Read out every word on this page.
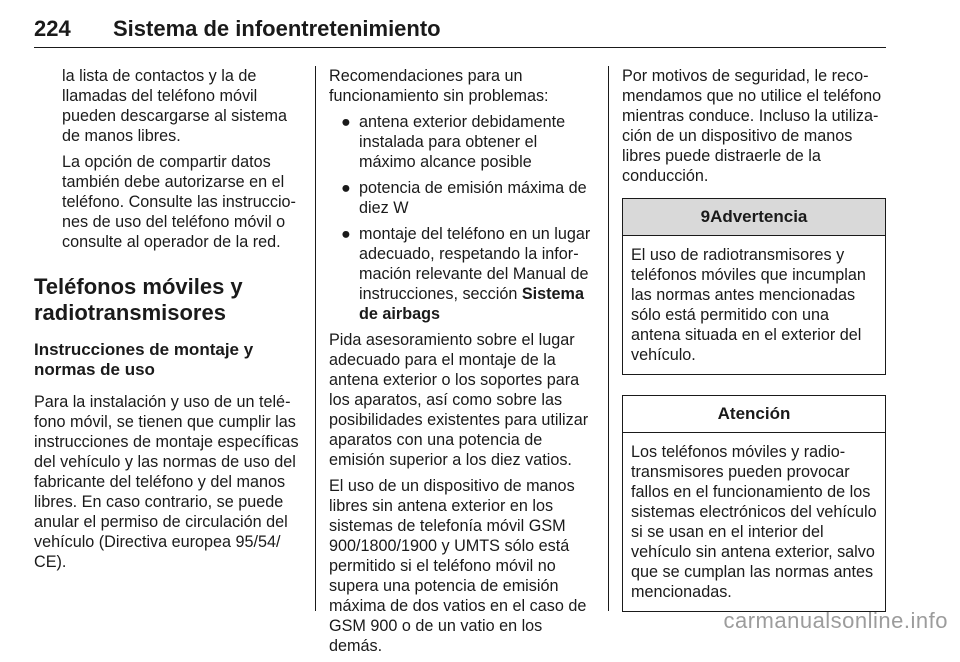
224 Sistema de infoentretenimiento

la lista de contactos y la de llamadas del teléfono móvil pueden descargarse al sistema de manos libres.

La opción de compartir datos también debe autorizarse en el teléfono. Consulte las instrucciones de uso del teléfono móvil o consulte al operador de la red.

Teléfonos móviles y radiotransmisores
Instrucciones de montaje y normas de uso

Para la instalación y uso de un teléfono móvil, se tienen que cumplir las instrucciones de montaje específicas del vehículo y las normas de uso del fabricante del teléfono y del manos libres. En caso contrario, se puede anular el permiso de circulación del vehículo (Directiva europea 95/54/ CE).

Recomendaciones para un funcionamiento sin problemas:

● antena exterior debidamente instalada para obtener el máximo alcance posible
● potencia de emisión máxima de diez W
● montaje del teléfono en un lugar adecuado, respetando la información relevante del Manual de instrucciones, sección Sistema de airbags

Pida asesoramiento sobre el lugar adecuado para el montaje de la antena exterior o los soportes para los aparatos, así como sobre las posibilidades existentes para utilizar aparatos con una potencia de emisión superior a los diez vatios.

El uso de un dispositivo de manos libres sin antena exterior en los sistemas de telefonía móvil GSM 900/1800/1900 y UMTS sólo está permitido si el teléfono móvil no supera una potencia de emisión máxima de dos vatios en el caso de GSM 900 o de un vatio en los demás.

Por motivos de seguridad, le recomendamos que no utilice el teléfono mientras conduce. Incluso la utilización de un dispositivo de manos libres puede distraerle de la conducción.

9Advertencia
El uso de radiotransmisores y teléfonos móviles que incumplan las normas antes mencionadas sólo está permitido con una antena situada en el exterior del vehículo.
Atención
Los teléfonos móviles y radiotransmisores pueden provocar fallos en el funcionamiento de los sistemas electrónicos del vehículo si se usan en el interior del vehículo sin antena exterior, salvo que se cumplan las normas antes mencionadas.
carmanualsonline.info
